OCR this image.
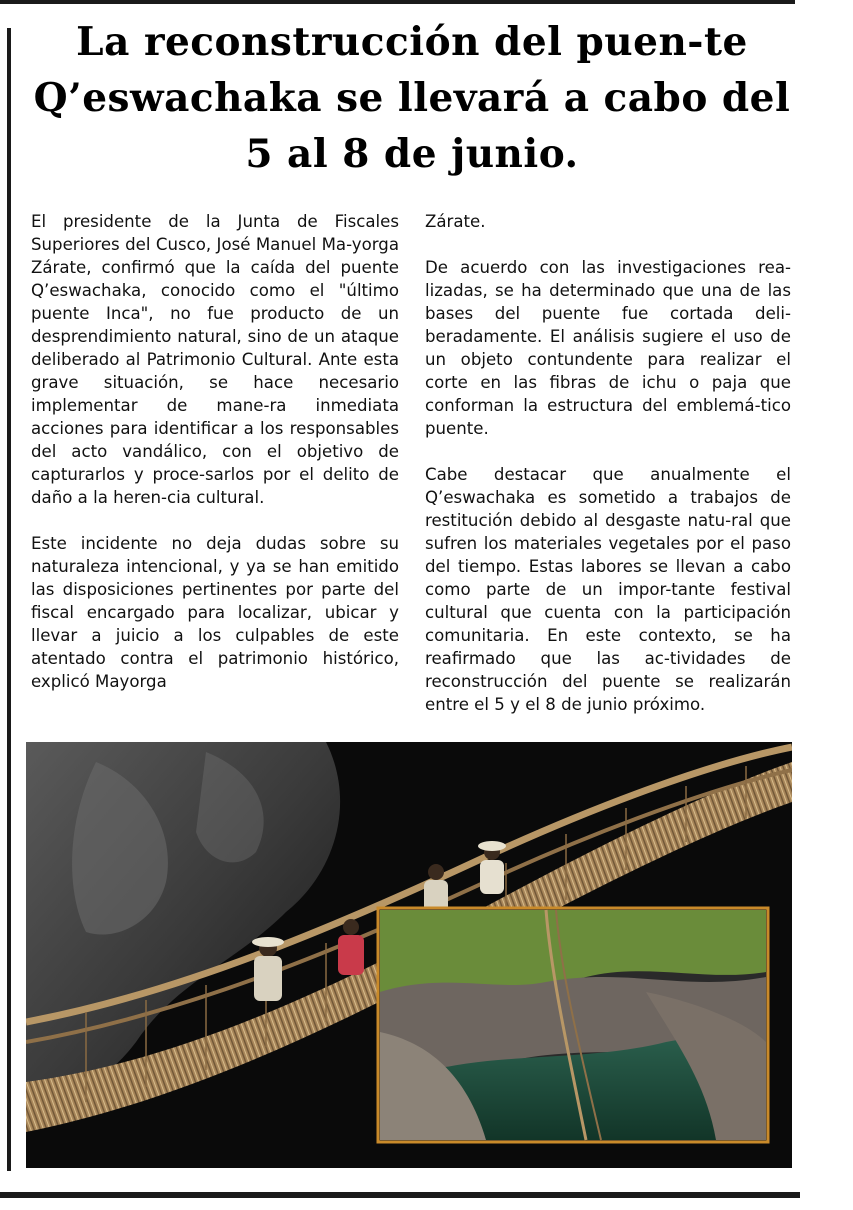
La reconstrucción del puen-te Q’eswachaka se llevará a cabo del 5 al 8 de junio.

El presidente de la Junta de Fiscales Superiores del Cusco, José Manuel Ma-yorga Zárate, confirmó que la caída del puente Q’eswachaka, conocido como el "último puente Inca", no fue producto de un desprendimiento natural, sino de un ataque deliberado al Patrimonio Cultural. Ante esta grave situación, se hace necesario implementar de mane-ra inmediata acciones para identificar a los responsables del acto vandálico, con el objetivo de capturarlos y proce-sarlos por el delito de daño a la heren-cia cultural.

Este incidente no deja dudas sobre su naturaleza intencional, y ya se han emitido las disposiciones pertinentes por parte del fiscal encargado para localizar, ubicar y llevar a juicio a los culpables de este atentado contra el patrimonio histórico, explicó Mayorga

Zárate.

De acuerdo con las investigaciones rea-lizadas, se ha determinado que una de las bases del puente fue cortada deli-beradamente. El análisis sugiere el uso de un objeto contundente para realizar el corte en las fibras de ichu o paja que conforman la estructura del emblemá-tico puente.

Cabe destacar que anualmente el Q’eswachaka es sometido a trabajos de restitución debido al desgaste natu-ral que sufren los materiales vegetales por el paso del tiempo. Estas labores se llevan a cabo como parte de un impor-tante festival cultural que cuenta con la participación comunitaria. En este contexto, se ha reafirmado que las ac-tividades de reconstrucción del puente se realizarán entre el 5 y el 8 de junio próximo.
